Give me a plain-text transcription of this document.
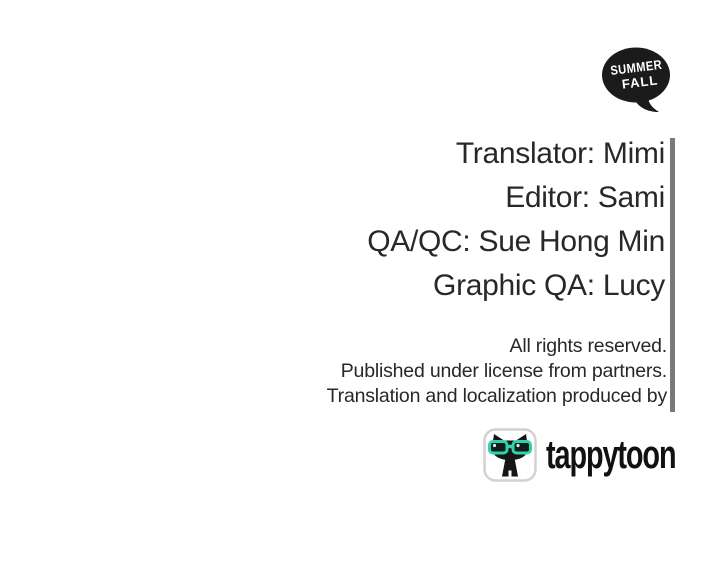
SUMMER
FALL
Translator: Mimi
Editor: Sami
QA/QC: Sue Hong Min
Graphic QA: Lucy
All rights reserved.
Published under license from partners.
Translation and localization produced by
tappytoon
